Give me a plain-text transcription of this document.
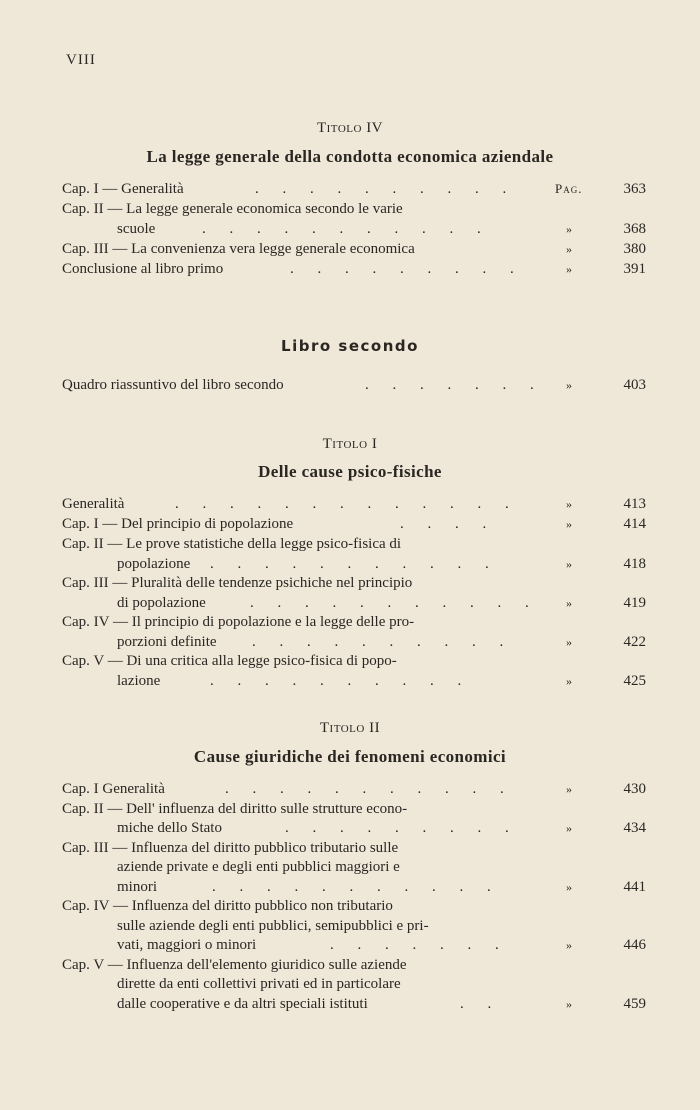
VIII
Titolo IV
La legge generale della condotta economica aziendale
Cap. I — Generalità	. . . . . . . . . .	Pag.	363
Cap. II — La legge generale economica secondo le varie
scuole	. . . . . . . . . . .	»	368
Cap. III — La convenienza vera legge generale economica	»	380
Conclusione al libro primo	. . . . . . . . .	»	391
Libro secondo
Quadro riassuntivo del libro secondo	. . . . . . . »	403
Titolo I
Delle cause psico-fisiche
Generalità	. . . . . . . . . . . . .	»	413
Cap. I — Del principio di popolazione	. . . .	»	414
Cap. II — Le prove statistiche della legge psico-fisica di
popolazione . . . . . . . . . . .	»	418
Cap. III — Pluralità delle tendenze psichiche nel principio
di popolazione	. . . . . . . . . . . »	419
Cap. IV — Il principio di popolazione e la legge delle pro-
porzioni definite . . . . . . . . . .	»	422
Cap. V — Di una critica alla legge psico-fisica di popo-
lazione	. . . . . . . . . .	»	425
Titolo II
Cause giuridiche dei fenomeni economici
Cap. I Generalità	. . . . . . . . . . .	»	430
Cap. II — Dell' influenza del diritto sulle strutture econo-
miche dello Stato	. . . . . . . . .	»	434
Cap. III — Influenza del diritto pubblico tributario sulle
aziende private e degli enti pubblici maggiori e
minori	. . . . . . . . . . .	»	441
Cap. IV — Influenza del diritto pubblico non tributario
sulle aziende degli enti pubblici, semipubblici e pri-
vati, maggiori o minori	. . . . . . .	»	446
Cap. V — Influenza dell'elemento giuridico sulle aziende
dirette da enti collettivi privati ed in particolare
dalle cooperative e da altri speciali istituti	. .	»	459
